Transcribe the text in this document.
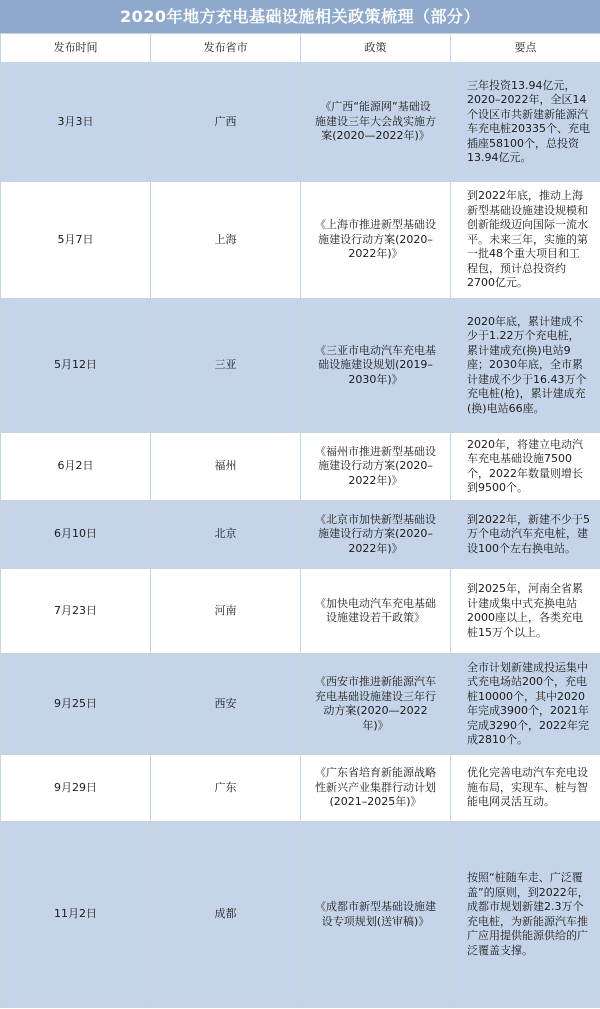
2020年地方充电基础设施相关政策梳理（部分）
发布时间	发布省市	政策	要点
3月3日	广西	《广西“能源网”基础设施建设三年大会战实施方案(2020—2022年)》	三年投资13.94亿元，2020–2022年，全区14个设区市共新建新能源汽车充电桩20335个、充电插座58100个，总投资13.94亿元。
5月7日	上海	《上海市推进新型基础设施建设行动方案(2020–2022年)》	到2022年底，推动上海新型基础设施建设规模和创新能级迈向国际一流水平。未来三年，实施的第一批48个重大项目和工程包，预计总投资约2700亿元。
5月12日	三亚	《三亚市电动汽车充电基础设施建设规划(2019–2030年)》	2020年底，累计建成不少于1.22万个充电桩，累计建成充(换)电站9座；2030年底，全市累计建成不少于16.43万个充电桩(枪)，累计建成充(换)电站66座。
6月2日	福州	《福州市推进新型基础设施建设行动方案(2020–2022年)》	2020年，将建立电动汽车充电基础设施7500个，2022年数量则增长到9500个。
6月10日	北京	《北京市加快新型基础设施建设行动方案(2020–2022年)》	到2022年，新建不少于5万个电动汽车充电桩，建设100个左右换电站。
7月23日	河南	《加快电动汽车充电基础设施建设若干政策》	到2025年，河南全省累计建成集中式充换电站2000座以上，各类充电桩15万个以上。
9月25日	西安	《西安市推进新能源汽车充电基础设施建设三年行动方案(2020—2022年)》	全市计划新建成投运集中式充电场站200个，充电桩10000个，其中2020年完成3900个，2021年完成3290个，2022年完成2810个。
9月29日	广东	《广东省培育新能源战略性新兴产业集群行动计划(2021–2025年)》	优化完善电动汽车充电设施布局，实现车、桩与智能电网灵活互动。
11月2日	成都	《成都市新型基础设施建设专项规划(送审稿)》	按照“桩随车走、广泛覆盖”的原则，到2022年，成都市规划新建2.3万个充电桩，为新能源汽车推广应用提供能源供给的广泛覆盖支撑。
